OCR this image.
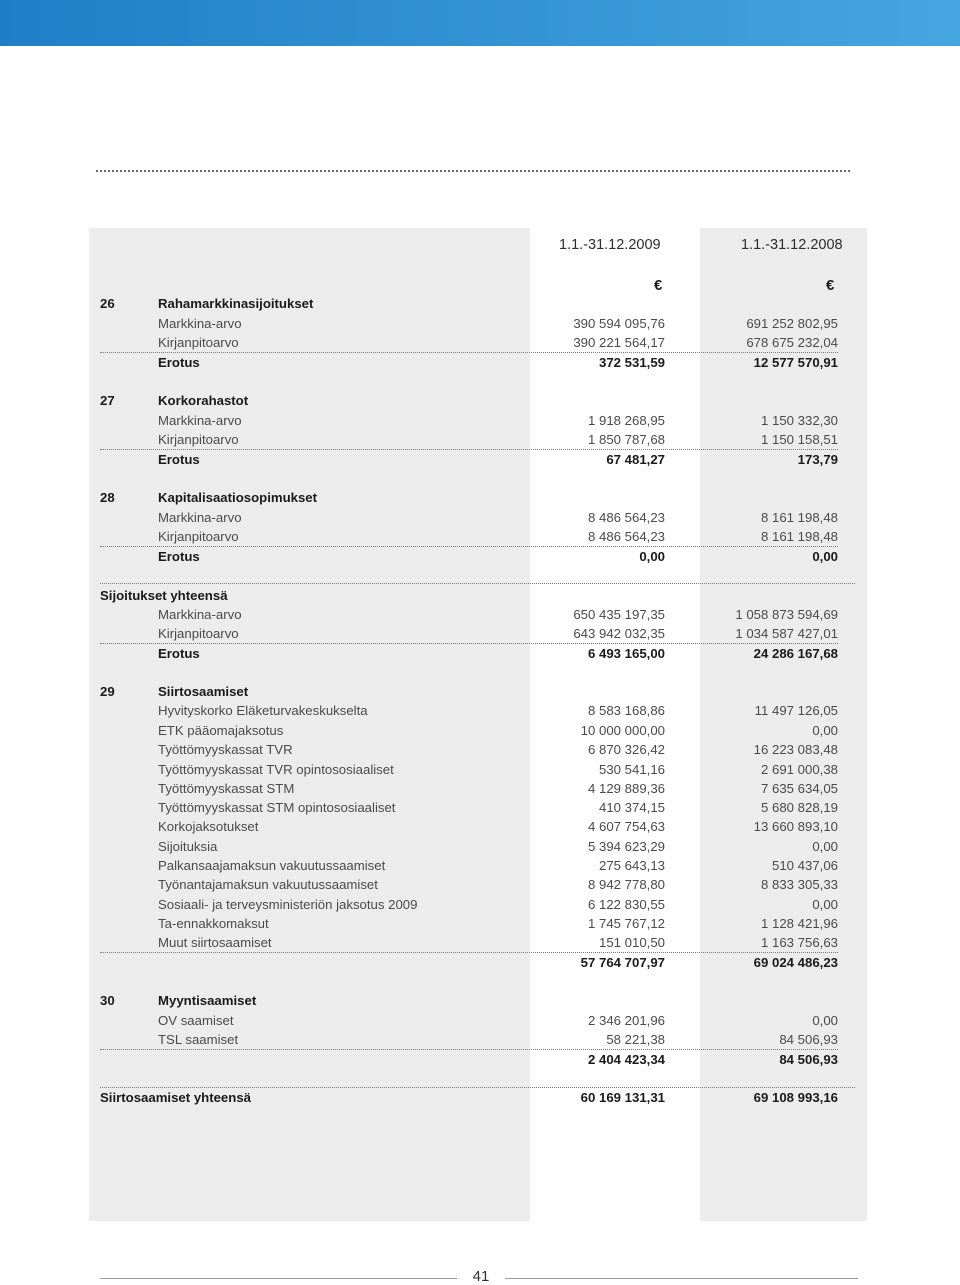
1.1.-31.12.2009	1.1.-31.12.2008
€	€
26	Rahamarkkinasijoitukset
Markkina-arvo	390 594 095,76	691 252 802,95
Kirjanpitoarvo	390 221 564,17	678 675 232,04
Erotus	372 531,59	12 577 570,91
27	Korkorahastot
Markkina-arvo	1 918 268,95	1 150 332,30
Kirjanpitoarvo	1 850 787,68	1 150 158,51
Erotus	67 481,27	173,79
28	Kapitalisaatiosopimukset
Markkina-arvo	8 486 564,23	8 161 198,48
Kirjanpitoarvo	8 486 564,23	8 161 198,48
Erotus	0,00	0,00
Sijoitukset yhteensä
Markkina-arvo	650 435 197,35	1 058 873 594,69
Kirjanpitoarvo	643 942 032,35	1 034 587 427,01
Erotus	6 493 165,00	24 286 167,68
29	Siirtosaamiset
Hyvityskorko Eläketurvakeskukselta	8 583 168,86	11 497 126,05
ETK pääomajaksotus	10 000 000,00	0,00
Työttömyyskassat TVR	6 870 326,42	16 223 083,48
Työttömyyskassat TVR opintososiaaliset	530 541,16	2 691 000,38
Työttömyyskassat STM	4 129 889,36	7 635 634,05
Työttömyyskassat STM opintososiaaliset	410 374,15	5 680 828,19
Korkojaksotukset	4 607 754,63	13 660 893,10
Sijoituksia	5 394 623,29	0,00
Palkansaajamaksun vakuutussaamiset	275 643,13	510 437,06
Työnantajamaksun vakuutussaamiset	8 942 778,80	8 833 305,33
Sosiaali- ja terveysministeriön jaksotus 2009	6 122 830,55	0,00
Ta-ennakkomaksut	1 745 767,12	1 128 421,96
Muut siirtosaamiset	151 010,50	1 163 756,63
57 764 707,97	69 024 486,23
30	Myyntisaamiset
OV saamiset	2 346 201,96	0,00
TSL saamiset	58 221,38	84 506,93
2 404 423,34	84 506,93
Siirtosaamiset yhteensä	60 169 131,31	69 108 993,16
41
